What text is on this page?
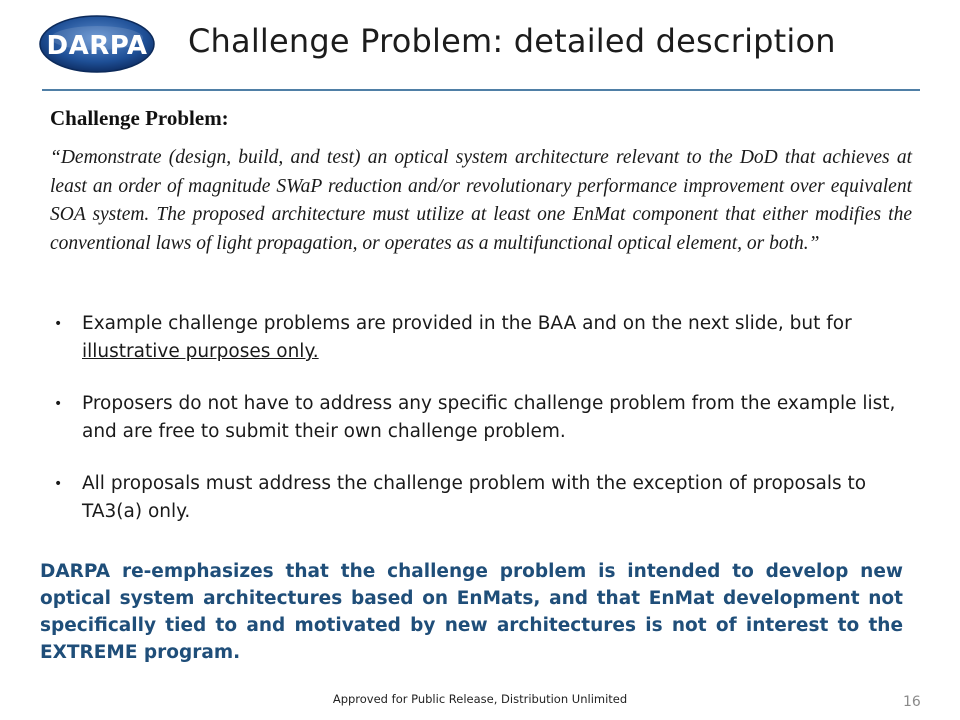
DARPA Challenge Problem: detailed description
Challenge Problem:

“Demonstrate (design, build, and test) an optical system architecture relevant to the DoD that achieves at least an order of magnitude SWaP reduction and/or revolutionary performance improvement over equivalent SOA system. The proposed architecture must utilize at least one EnMat component that either modifies the conventional laws of light propagation, or operates as a multifunctional optical element, or both.”

• Example challenge problems are provided in the BAA and on the next slide, but for illustrative purposes only.
• Proposers do not have to address any specific challenge problem from the example list, and are free to submit their own challenge problem.
• All proposals must address the challenge problem with the exception of proposals to TA3(a) only.

DARPA re-emphasizes that the challenge problem is intended to develop new optical system architectures based on EnMats, and that EnMat development not specifically tied to and motivated by new architectures is not of interest to the EXTREME program.

Approved for Public Release, Distribution Unlimited	16
